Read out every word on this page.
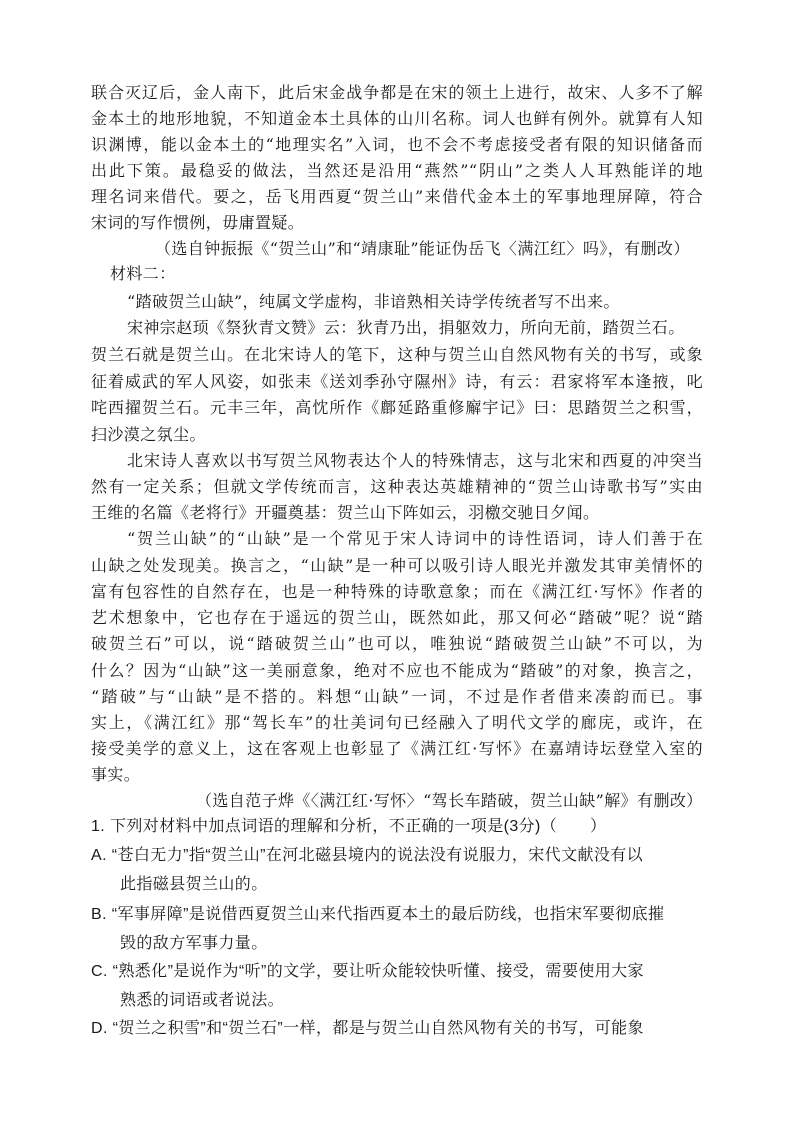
联合灭辽后，金人南下，此后宋金战争都是在宋的领土上进行，故宋、人多不了解
金本土的地形地貌，不知道金本土具体的山川名称。词人也鲜有例外。就算有人知
识渊博，能以金本土的“地理实名”入词，也不会不考虑接受者有限的知识储备而
出此下策。最稳妥的做法，当然还是沿用“燕然”“阴山”之类人人耳熟能详的地
理名词来借代。要之，岳飞用西夏“贺兰山”来借代金本土的军事地理屏障，符合
宋词的写作惯例，毋庸置疑。
（选自钟振振《“贺兰山”和“靖康耻”能证伪岳飞〈满江红〉吗》，有删改）
材料二：
“踏破贺兰山缺”，纯属文学虚构，非谙熟相关诗学传统者写不出来。
宋神宗赵顼《祭狄青文赞》云：狄青乃出，捐躯效力，所向无前，踏贺兰石。
贺兰石就是贺兰山。在北宋诗人的笔下，这种与贺兰山自然风物有关的书写，或象
征着威武的军人风姿，如张耒《送刘季孙守隰州》诗，有云：君家将军本逢掖，叱
咤西擢贺兰石。元丰三年，高忱所作《鄜延路重修廨宇记》曰：思踏贺兰之积雪，
扫沙漠之氛尘。
北宋诗人喜欢以书写贺兰风物表达个人的特殊情志，这与北宋和西夏的冲突当
然有一定关系；但就文学传统而言，这种表达英雄精神的“贺兰山诗歌书写”实由
王维的名篇《老将行》开疆奠基：贺兰山下阵如云，羽檄交驰日夕闻。
“贺兰山缺”的“山缺”是一个常见于宋人诗词中的诗性语词，诗人们善于在
山缺之处发现美。换言之，“山缺”是一种可以吸引诗人眼光并激发其审美情怀的
富有包容性的自然存在，也是一种特殊的诗歌意象；而在《满江红·写怀》作者的
艺术想象中，它也存在于遥远的贺兰山，既然如此，那又何必“踏破”呢？说“踏
破贺兰石”可以，说“踏破贺兰山”也可以，唯独说“踏破贺兰山缺”不可以，为
什么？因为“山缺”这一美丽意象，绝对不应也不能成为“踏破”的对象，换言之，
“踏破”与“山缺”是不搭的。料想“山缺”一词，不过是作者借来凑韵而已。事
实上，《满江红》那“驾长车”的壮美词句已经融入了明代文学的廊庑，或许，在
接受美学的意义上，这在客观上也彰显了《满江红·写怀》在嘉靖诗坛登堂入室的
事实。
（选自范子烨《〈满江红·写怀〉“驾长车踏破，贺兰山缺”解》有删改）
1. 下列对材料中加点词语的理解和分析，不正确的一项是(3分)（　　）
A. “苍白无力”指“贺兰山”在河北磁县境内的说法没有说服力，宋代文献没有以
此指磁县贺兰山的。
B. “军事屏障”是说借西夏贺兰山来代指西夏本土的最后防线，也指宋军要彻底摧
毁的敌方军事力量。
C. “熟悉化”是说作为“听”的文学，要让听众能较快听懂、接受，需要使用大家
熟悉的词语或者说法。
D. “贺兰之积雪”和“贺兰石”一样，都是与贺兰山自然风物有关的书写，可能象
